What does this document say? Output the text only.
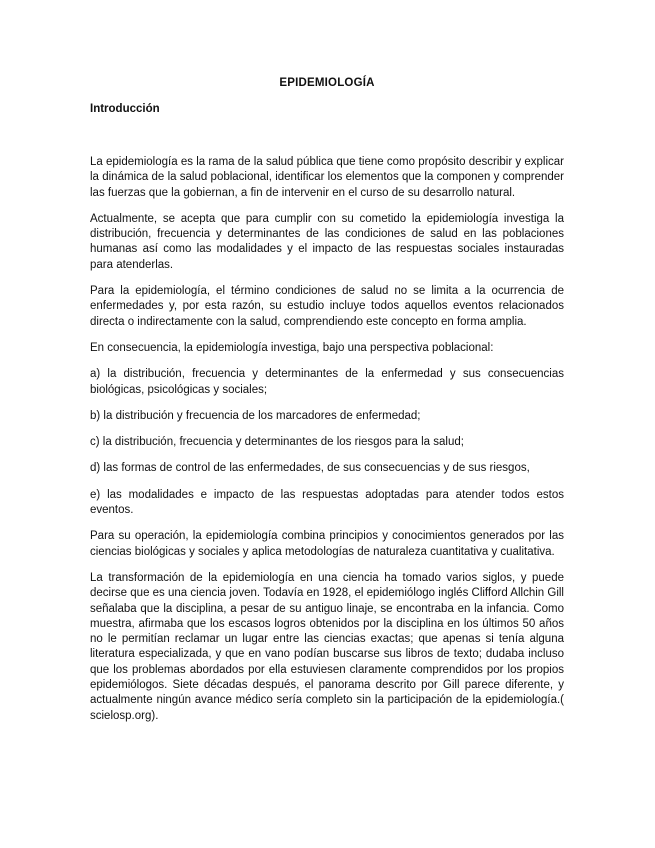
EPIDEMIOLOGÍA
Introducción

La epidemiología es la rama de la salud pública que tiene como propósito describir y explicar la dinámica de la salud poblacional, identificar los elementos que la componen y comprender las fuerzas que la gobiernan, a fin de intervenir en el curso de su desarrollo natural.

Actualmente, se acepta que para cumplir con su cometido la epidemiología investiga la distribución, frecuencia y determinantes de las condiciones de salud en las poblaciones humanas así como las modalidades y el impacto de las respuestas sociales instauradas para atenderlas.

Para la epidemiología, el término condiciones de salud no se limita a la ocurrencia de enfermedades y, por esta razón, su estudio incluye todos aquellos eventos relacionados directa o indirectamente con la salud, comprendiendo este concepto en forma amplia.

En consecuencia, la epidemiología investiga, bajo una perspectiva poblacional:

a) la distribución, frecuencia y determinantes de la enfermedad y sus consecuencias biológicas, psicológicas y sociales;

b) la distribución y frecuencia de los marcadores de enfermedad;

c) la distribución, frecuencia y determinantes de los riesgos para la salud;

d) las formas de control de las enfermedades, de sus consecuencias y de sus riesgos,

e) las modalidades e impacto de las respuestas adoptadas para atender todos estos eventos.

Para su operación, la epidemiología combina principios y conocimientos generados por las ciencias biológicas y sociales y aplica metodologías de naturaleza cuantitativa y cualitativa.

La transformación de la epidemiología en una ciencia ha tomado varios siglos, y puede decirse que es una ciencia joven. Todavía en 1928, el epidemiólogo inglés Clifford Allchin Gill señalaba que la disciplina, a pesar de su antiguo linaje, se encontraba en la infancia. Como muestra, afirmaba que los escasos logros obtenidos por la disciplina en los últimos 50 años no le permitían reclamar un lugar entre las ciencias exactas; que apenas si tenía alguna literatura especializada, y que en vano podían buscarse sus libros de texto; dudaba incluso que los problemas abordados por ella estuviesen claramente comprendidos por los propios epidemiólogos. Siete décadas después, el panorama descrito por Gill parece diferente, y actualmente ningún avance médico sería completo sin la participación de la epidemiología.( scielosp.org).
